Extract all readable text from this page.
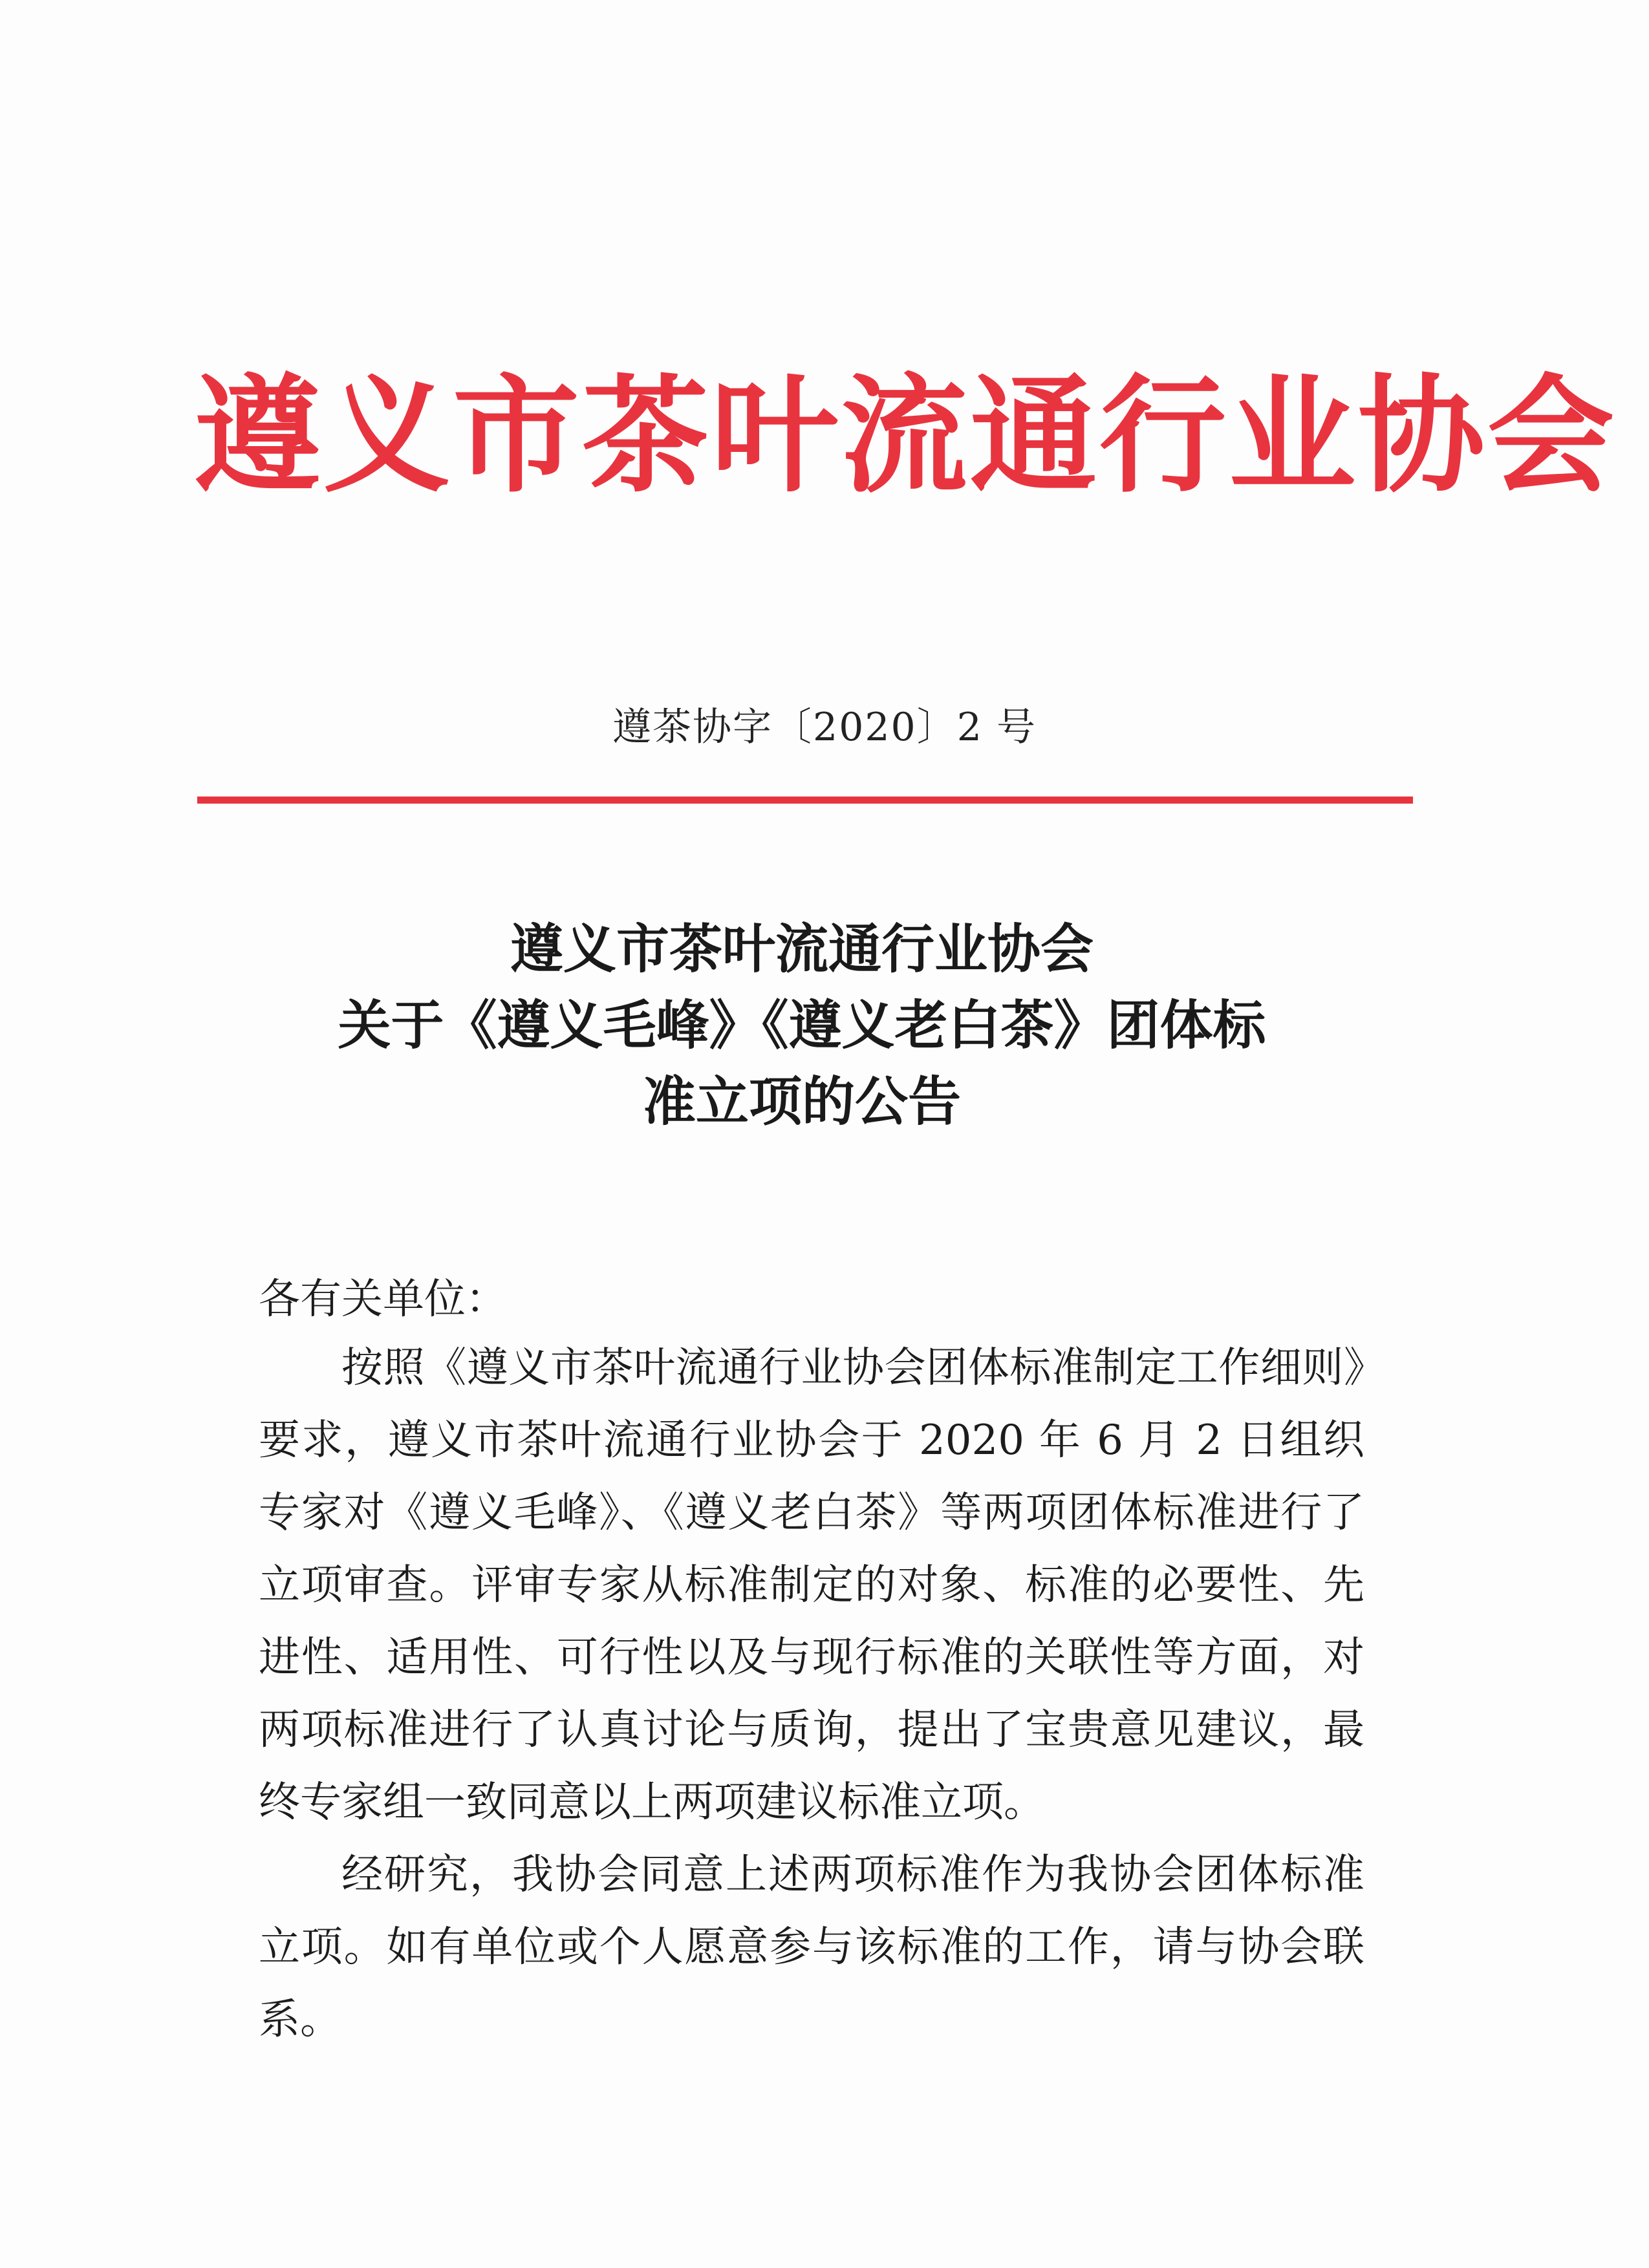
遵义市茶叶流通行业协会
遵茶协字〔2020〕2 号
遵义市茶叶流通行业协会
关于《遵义毛峰》《遵义老白茶》团体标
准立项的公告
各有关单位：

按照《遵义市茶叶流通行业协会团体标准制定工作细则》要求，遵义市茶叶流通行业协会于 2020 年 6 月 2 日组织专家对《遵义毛峰》、《遵义老白茶》等两项团体标准进行了立项审查。评审专家从标准制定的对象、标准的必要性、先进性、适用性、可行性以及与现行标准的关联性等方面，对两项标准进行了认真讨论与质询，提出了宝贵意见建议，最终专家组一致同意以上两项建议标准立项。

经研究，我协会同意上述两项标准作为我协会团体标准立项。如有单位或个人愿意参与该标准的工作，请与协会联系。
